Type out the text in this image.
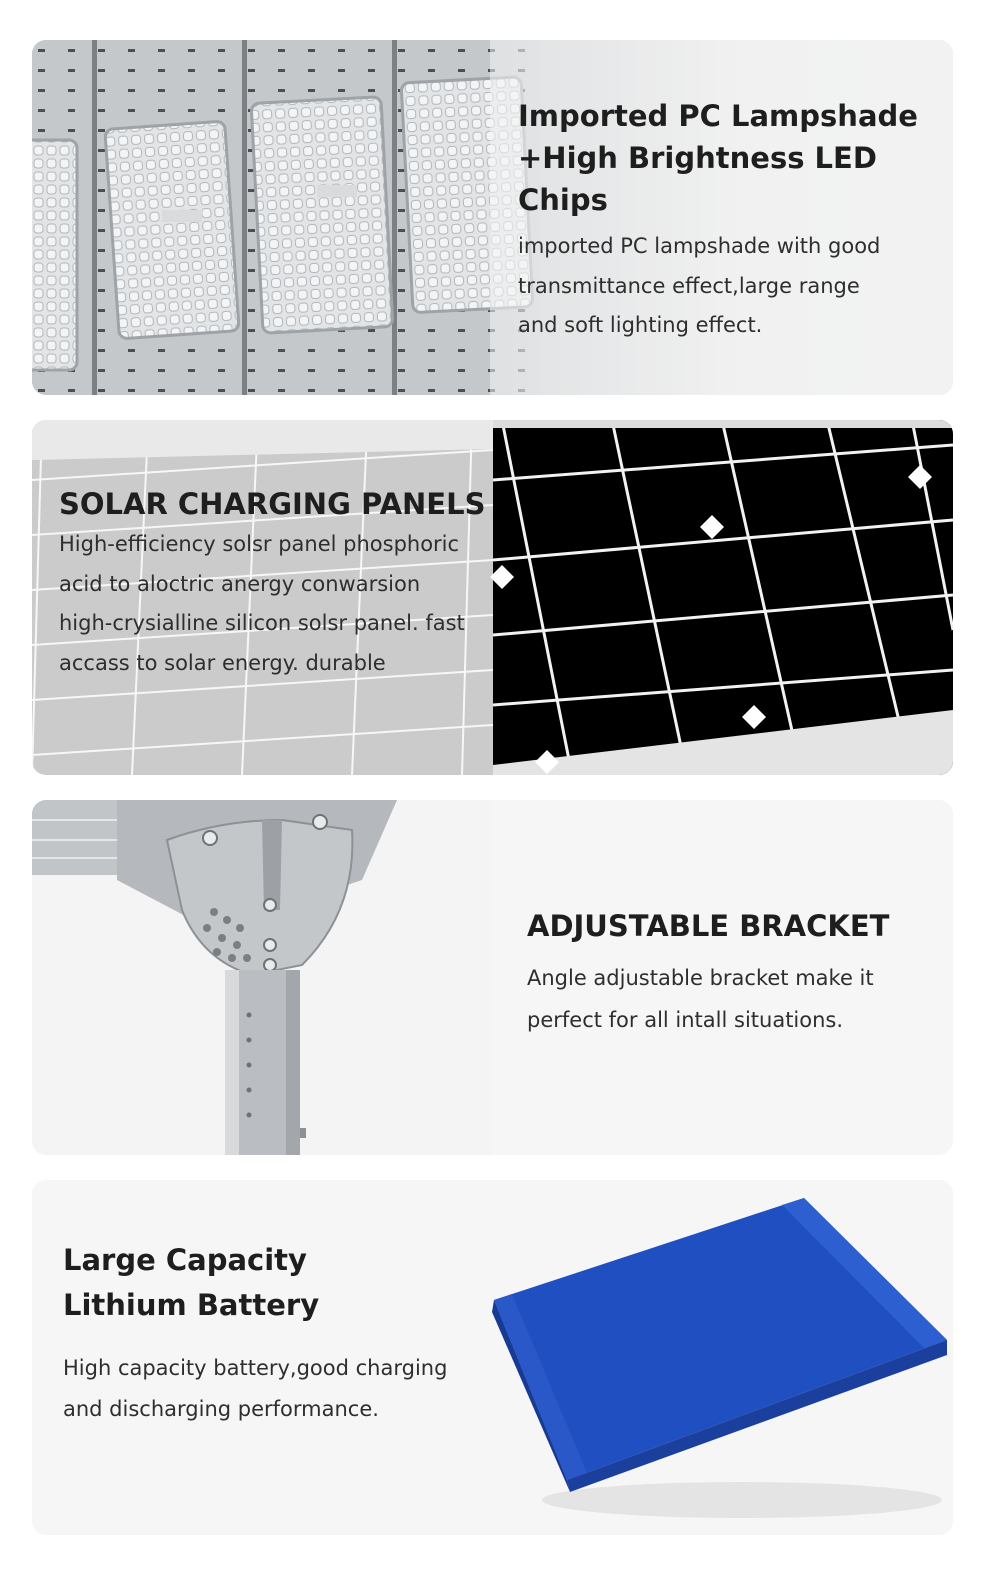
Imported PC Lampshade

+High Brightness LED Chips

imported PC lampshade with good

transmittance effect,large range

and soft lighting effect.

SOLAR CHARGING PANELS

High-efficiency solsr panel phosphoric

acid to aloctric anergy conwarsion

high-crysialline silicon solsr panel. fast

accass to solar energy. durable

ADJUSTABLE BRACKET

Angle adjustable bracket make it

perfect for all intall situations.

Large Capacity

Lithium Battery

High capacity battery,good charging

and discharging performance.
